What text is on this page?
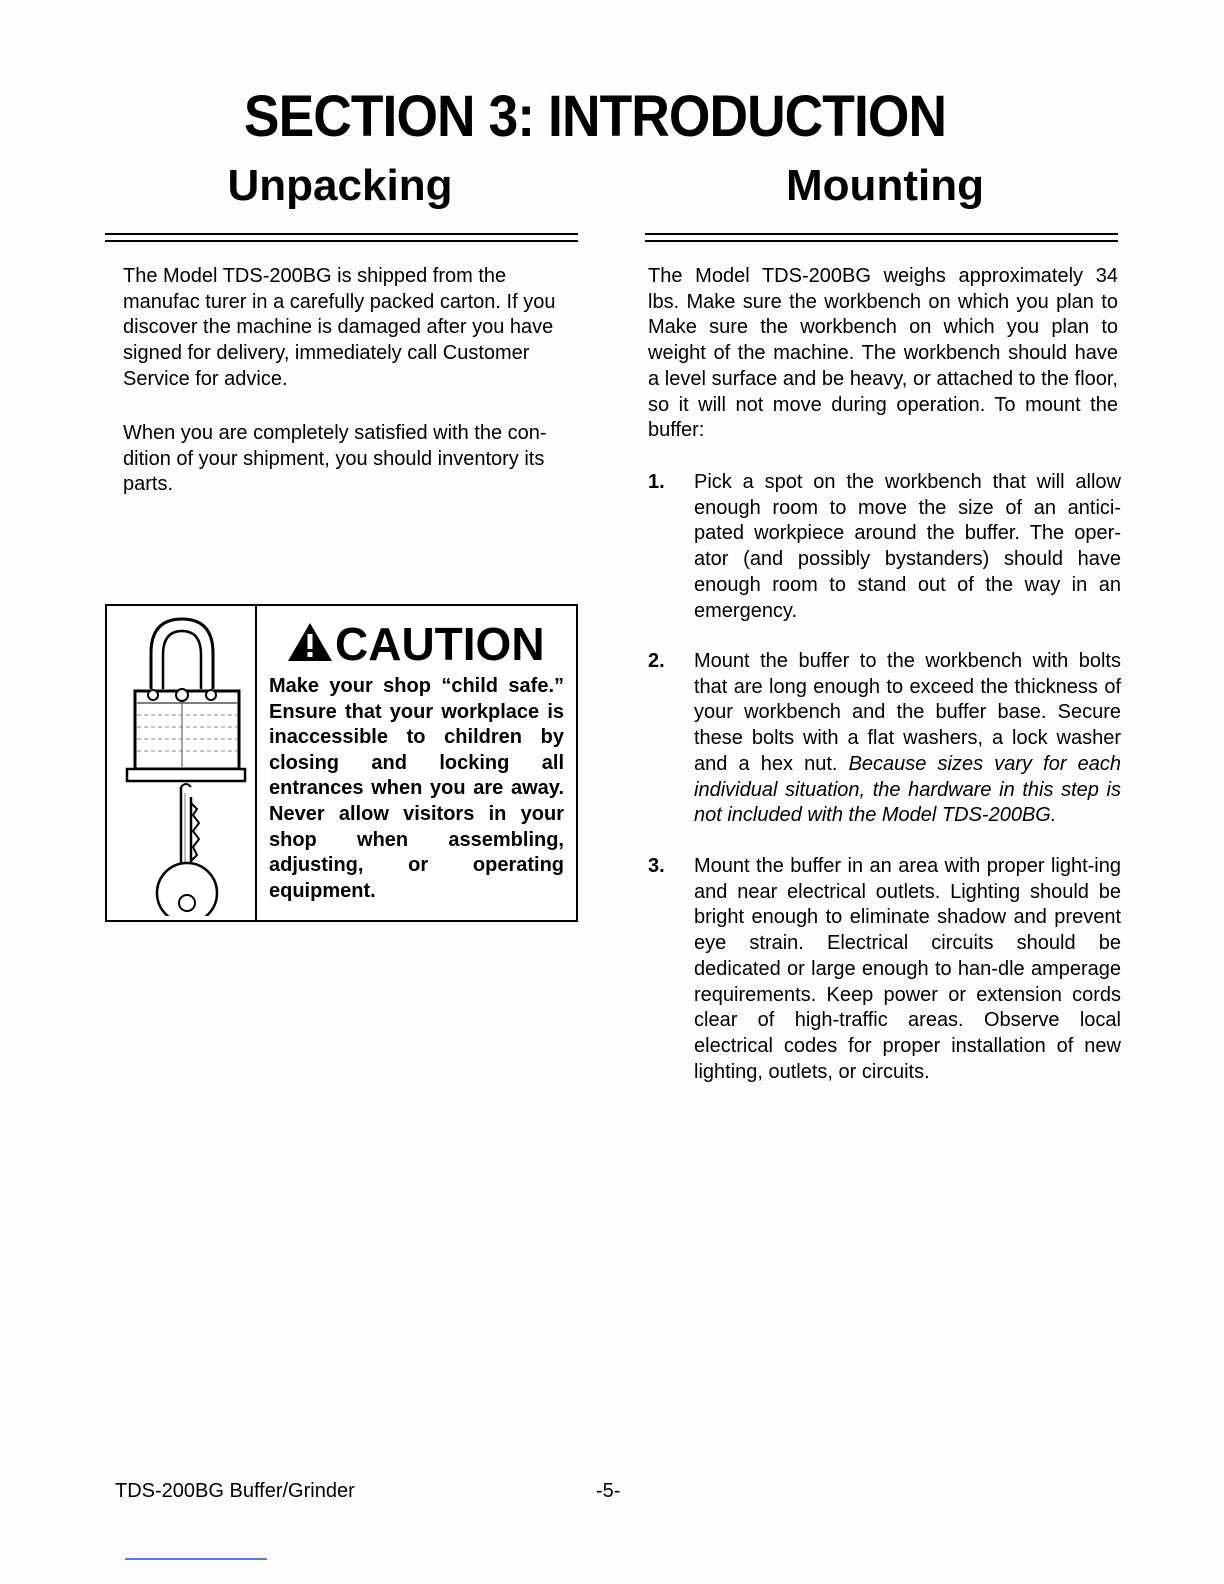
SECTION 3: INTRODUCTION
Unpacking	Mounting

The Model TDS-200BG is shipped from the manufac turer in a carefully packed carton. If you discover the machine is damaged after you have signed for delivery, immediately call Customer Service for advice.

When you are completely satisfied with the con-dition of your shipment, you should inventory its parts.

CAUTION

Make your shop “child safe.” Ensure that your workplace is inaccessible to children by closing and locking all entrances when you are away. Never allow visitors in your shop when assembling, adjusting, or operating equipment.

The Model TDS-200BG weighs approximately 34 lbs. Make sure the workbench on which you plan to Make sure the workbench on which you plan to weight of the machine. The workbench should have a level surface and be heavy, or attached to the floor, so it will not move during operation. To mount the buffer:

1. Pick a spot on the workbench that will allow enough room to move the size of an antici-pated workpiece around the buffer. The oper-ator (and possibly bystanders) should have enough room to stand out of the way in an emergency.

2. Mount the buffer to the workbench with bolts that are long enough to exceed the thickness of your workbench and the buffer base. Secure these bolts with a flat washers, a lock washer and a hex nut. Because sizes vary for each individual situation, the hardware in this step is not included with the Model TDS-200BG.

3. Mount the buffer in an area with proper light-ing and near electrical outlets. Lighting should be bright enough to eliminate shadow and prevent eye strain. Electrical circuits should be dedicated or large enough to han-dle amperage requirements. Keep power or extension cords clear of high-traffic areas. Observe local electrical codes for proper installation of new lighting, outlets, or circuits.

TDS-200BG Buffer/Grinder	-5-
